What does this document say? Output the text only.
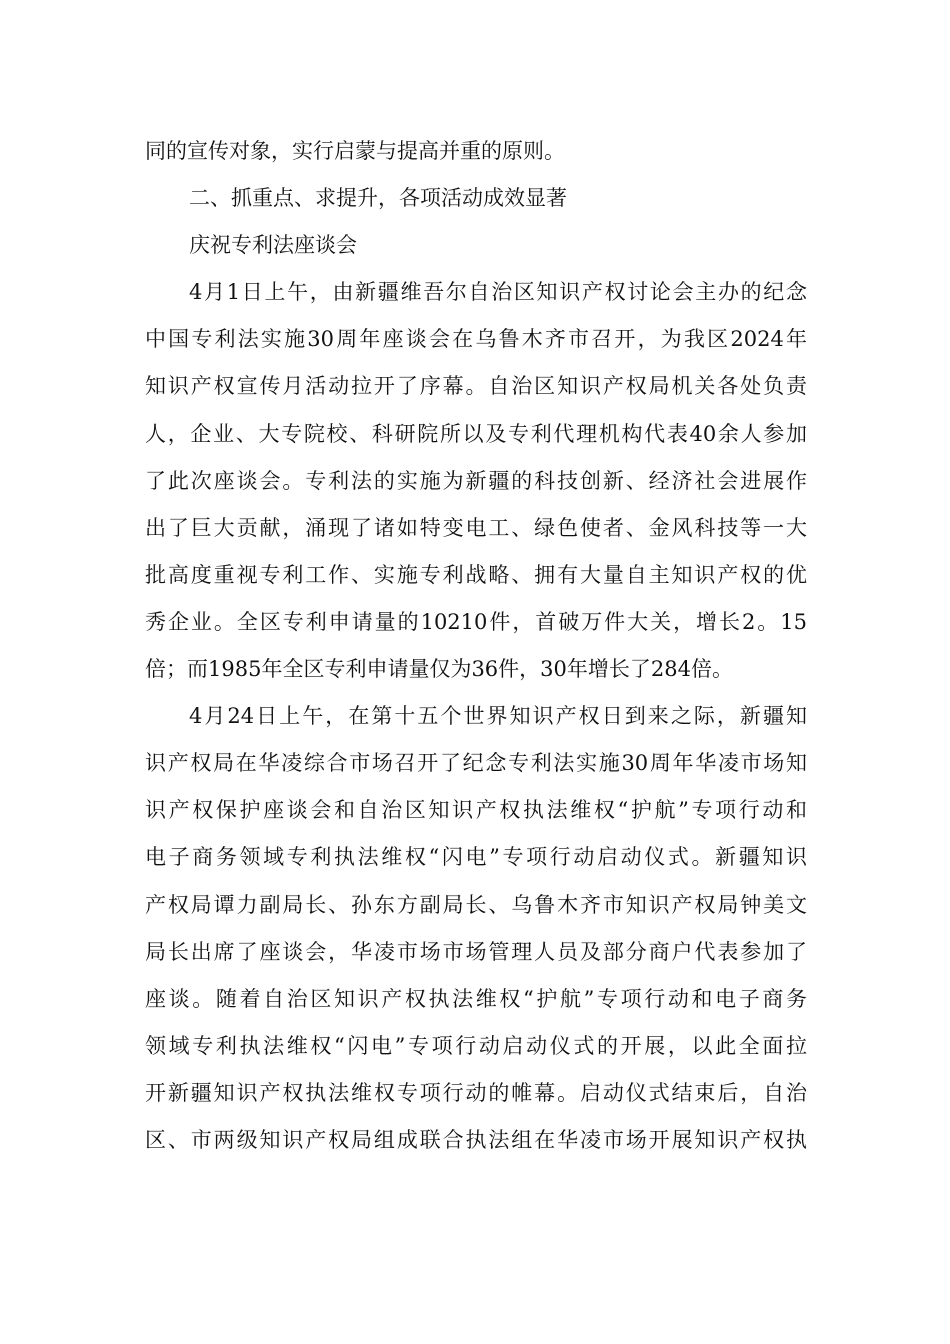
同的宣传对象，实行启蒙与提高并重的原则。
二、抓重点、求提升，各项活动成效显著
庆祝专利法座谈会
4月1日上午，由新疆维吾尔自治区知识产权讨论会主办的纪念
中国专利法实施30周年座谈会在乌鲁木齐市召开，为我区2024年
知识产权宣传月活动拉开了序幕。自治区知识产权局机关各处负责
人，企业、大专院校、科研院所以及专利代理机构代表40余人参加
了此次座谈会。专利法的实施为新疆的科技创新、经济社会进展作
出了巨大贡献，涌现了诸如特变电工、绿色使者、金风科技等一大
批高度重视专利工作、实施专利战略、拥有大量自主知识产权的优
秀企业。全区专利申请量的10210件，首破万件大关，增长2。15
倍；而1985年全区专利申请量仅为36件，30年增长了284倍。
4月24日上午，在第十五个世界知识产权日到来之际，新疆知
识产权局在华凌综合市场召开了纪念专利法实施30周年华凌市场知
识产权保护座谈会和自治区知识产权执法维权“护航”专项行动和
电子商务领域专利执法维权“闪电”专项行动启动仪式。新疆知识
产权局谭力副局长、孙东方副局长、乌鲁木齐市知识产权局钟美文
局长出席了座谈会，华凌市场市场管理人员及部分商户代表参加了
座谈。随着自治区知识产权执法维权“护航”专项行动和电子商务
领域专利执法维权“闪电”专项行动启动仪式的开展，以此全面拉
开新疆知识产权执法维权专项行动的帷幕。启动仪式结束后，自治
区、市两级知识产权局组成联合执法组在华凌市场开展知识产权执
